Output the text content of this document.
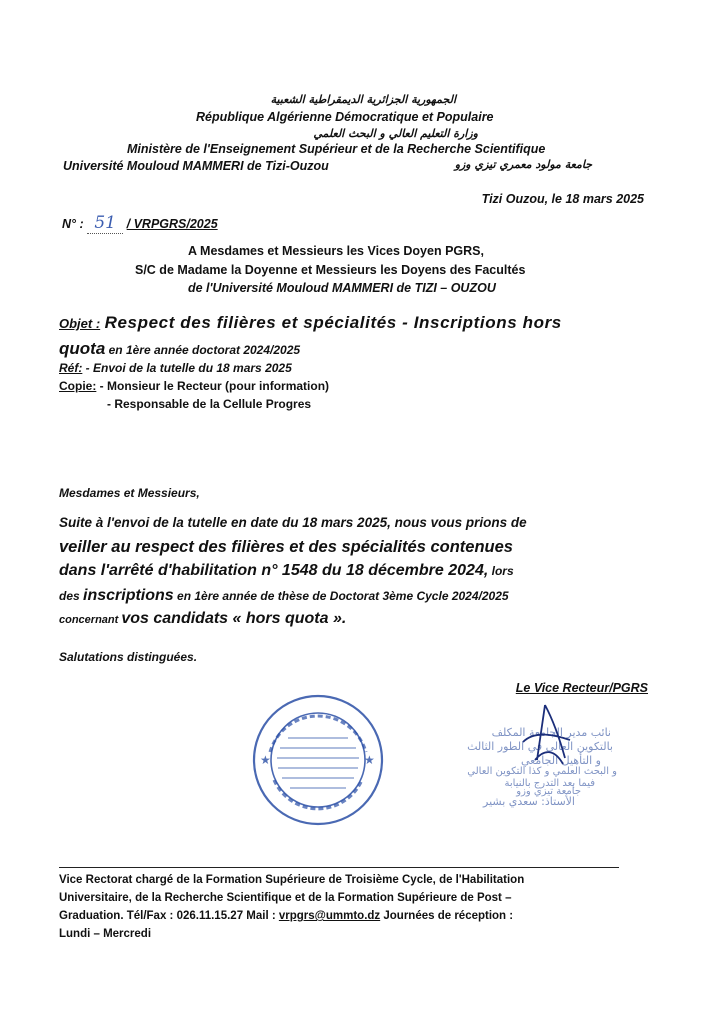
الجمهورية الجزائرية الديمقراطية الشعبية
République Algérienne Démocratique et Populaire
وزارة التعليم العالي و البحث العلمي
Ministère de l'Enseignement Supérieur et de la Recherche Scientifique
Université Mouloud MAMMERI de Tizi-Ouzou	جامعة مولود معمري تيزي وزو
Tizi Ouzou, le 18 mars 2025
N° : 51 / VRPGRS/2025
A Mesdames et Messieurs les Vices Doyen PGRS,
S/C de Madame la Doyenne et Messieurs les Doyens des Facultés
de l'Université Mouloud MAMMERI de TIZI – OUZOU
Objet : Respect des filières et spécialités - Inscriptions hors
quota en 1ère année doctorat 2024/2025
Réf: - Envoi de la tutelle du 18 mars 2025
Copie: - Monsieur le Recteur (pour information)
- Responsable de la Cellule Progres
Mesdames et Messieurs,
Suite à l'envoi de la tutelle en date du 18 mars 2025, nous vous prions de
veiller au respect des filières et des spécialités contenues
dans l'arrêté d'habilitation n° 1548 du 18 décembre 2024, lors
des inscriptions en 1ère année de thèse de Doctorat 3ème Cycle 2024/2025
concernant vos candidats « hors quota ».
Salutations distinguées.
Le Vice Recteur/PGRS
★	★
نائب مدير الجامعة المكلف
بالتكوين العالي في الطور الثالث
و التأهيل الجامعي
و البحث العلمي و كذا التكوين العالي
فيما بعد التدرج بالنيابة
جامعة تيزي وزو
الأستاذ: سعدي بشير
Vice Rectorat chargé de la Formation Supérieure de Troisième Cycle, de l'Habilitation
Universitaire, de la Recherche Scientifique et de la Formation Supérieure de Post –
Graduation. Tél/Fax : 026.11.15.27 Mail : vrpgrs@ummto.dz Journées de réception :
Lundi – Mercredi
